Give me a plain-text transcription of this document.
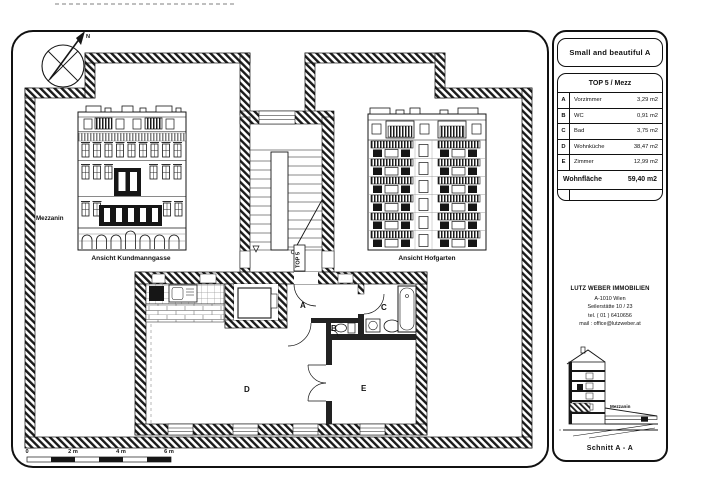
N
Ansicht Kundmanngasse
Mezzanin
Ansicht Hofgarten
TOP 5
A
B
C
D	E
0	2 m	4 m	6 m
Small and beautiful A
TOP 5 / Mezz
A	Vorzimmer	3,29 m2
B	WC	0,91 m2
C	Bad	3,75 m2
D	Wohnküche	38,47 m2
E	Zimmer	12,99 m2
Wohnfläche	59,40 m2
LUTZ WEBER IMMOBILIEN
A-1010 Wien
Seilerstätte 10 / 23
tel. ( 01 ) 6410656
mail : office@lutzweber.at
Mezzanin
Schnitt A - A
